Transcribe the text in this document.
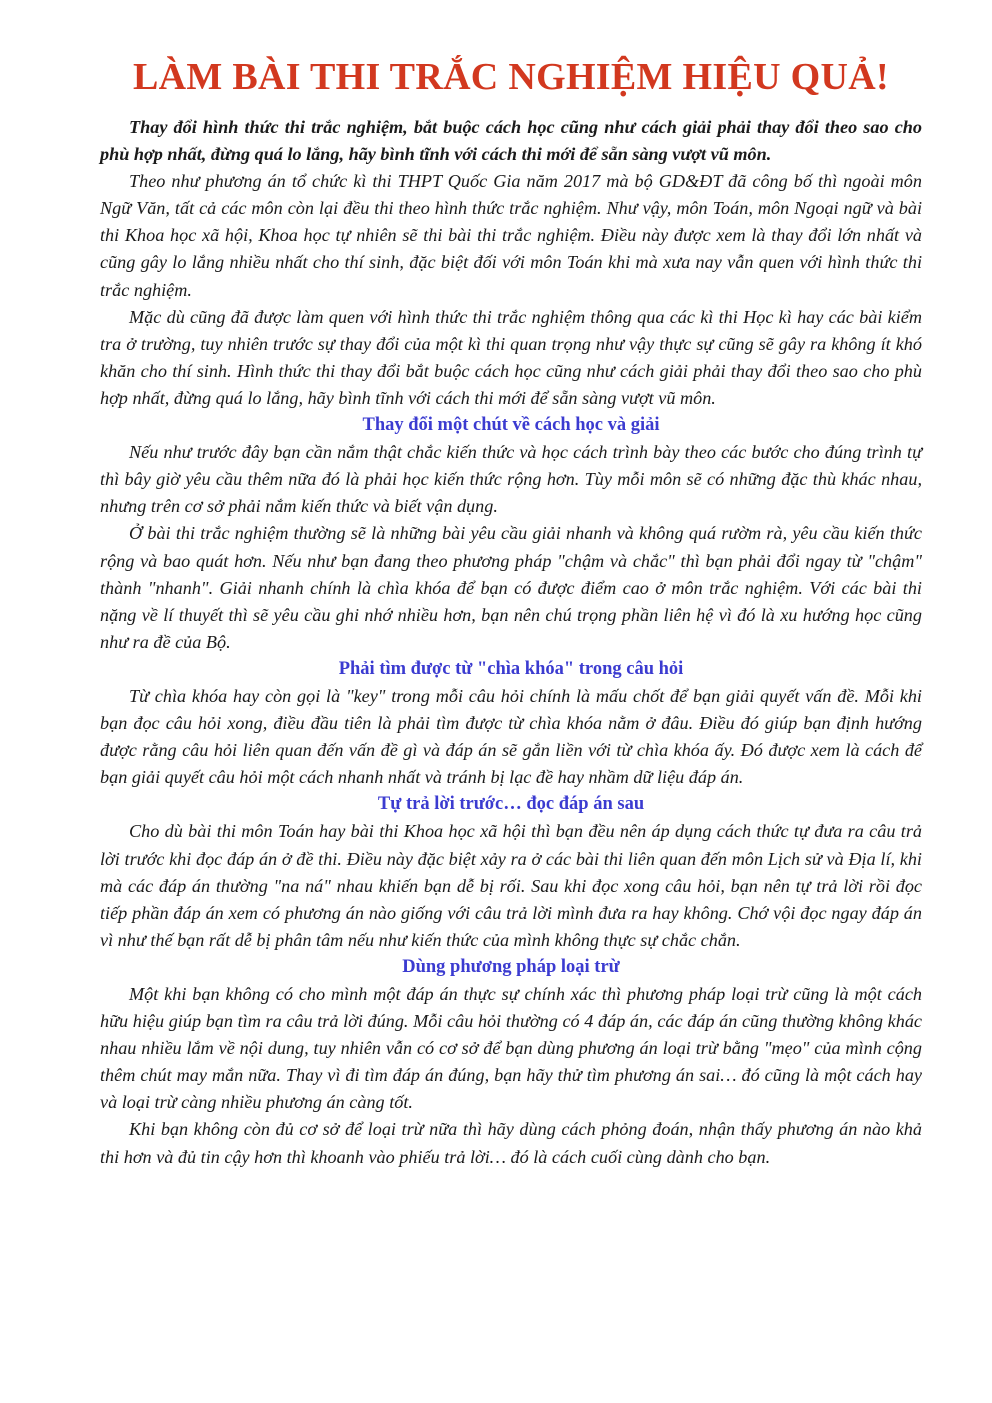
LÀM BÀI THI TRẮC NGHIỆM HIỆU QUẢ!

Thay đổi hình thức thi trắc nghiệm, bắt buộc cách học cũng như cách giải phải thay đổi theo sao cho phù hợp nhất, đừng quá lo lắng, hãy bình tĩnh với cách thi mới để sẵn sàng vượt vũ môn.

Theo như phương án tổ chức kì thi THPT Quốc Gia năm 2017 mà bộ GD&ĐT đã công bố thì ngoài môn Ngữ Văn, tất cả các môn còn lại đều thi theo hình thức trắc nghiệm. Như vậy, môn Toán, môn Ngoại ngữ và bài thi Khoa học xã hội, Khoa học tự nhiên sẽ thi bài thi trắc nghiệm. Điều này được xem là thay đổi lớn nhất và cũng gây lo lắng nhiều nhất cho thí sinh, đặc biệt đối với môn Toán khi mà xưa nay vẫn quen với hình thức thi trắc nghiệm.

Mặc dù cũng đã được làm quen với hình thức thi trắc nghiệm thông qua các kì thi Học kì hay các bài kiểm tra ở trường, tuy nhiên trước sự thay đổi của một kì thi quan trọng như vậy thực sự cũng sẽ gây ra không ít khó khăn cho thí sinh. Hình thức thi thay đổi bắt buộc cách học cũng như cách giải phải thay đổi theo sao cho phù hợp nhất, đừng quá lo lắng, hãy bình tĩnh với cách thi mới để sẵn sàng vượt vũ môn.

Thay đổi một chút về cách học và giải

Nếu như trước đây bạn cần nắm thật chắc kiến thức và học cách trình bày theo các bước cho đúng trình tự thì bây giờ yêu cầu thêm nữa đó là phải học kiến thức rộng hơn. Tùy mỗi môn sẽ có những đặc thù khác nhau, nhưng trên cơ sở phải nắm kiến thức và biết vận dụng.

Ở bài thi trắc nghiệm thường sẽ là những bài yêu cầu giải nhanh và không quá rườm rà, yêu cầu kiến thức rộng và bao quát hơn. Nếu như bạn đang theo phương pháp "chậm và chắc" thì bạn phải đổi ngay từ "chậm" thành "nhanh". Giải nhanh chính là chìa khóa để bạn có được điểm cao ở môn trắc nghiệm. Với các bài thi nặng về lí thuyết thì sẽ yêu cầu ghi nhớ nhiều hơn, bạn nên chú trọng phần liên hệ vì đó là xu hướng học cũng như ra đề của Bộ.

Phải tìm được từ "chìa khóa" trong câu hỏi

Từ chìa khóa hay còn gọi là "key" trong mỗi câu hỏi chính là mấu chốt để bạn giải quyết vấn đề. Mỗi khi bạn đọc câu hỏi xong, điều đầu tiên là phải tìm được từ chìa khóa nằm ở đâu. Điều đó giúp bạn định hướng được rằng câu hỏi liên quan đến vấn đề gì và đáp án sẽ gắn liền với từ chìa khóa ấy. Đó được xem là cách để bạn giải quyết câu hỏi một cách nhanh nhất và tránh bị lạc đề hay nhầm dữ liệu đáp án.

Tự trả lời trước… đọc đáp án sau

Cho dù bài thi môn Toán hay bài thi Khoa học xã hội thì bạn đều nên áp dụng cách thức tự đưa ra câu trả lời trước khi đọc đáp án ở đề thi. Điều này đặc biệt xảy ra ở các bài thi liên quan đến môn Lịch sử và Địa lí, khi mà các đáp án thường "na ná" nhau khiến bạn dễ bị rối. Sau khi đọc xong câu hỏi, bạn nên tự trả lời rồi đọc tiếp phần đáp án xem có phương án nào giống với câu trả lời mình đưa ra hay không. Chớ vội đọc ngay đáp án vì như thế bạn rất dễ bị phân tâm nếu như kiến thức của mình không thực sự chắc chắn.

Dùng phương pháp loại trừ

Một khi bạn không có cho mình một đáp án thực sự chính xác thì phương pháp loại trừ cũng là một cách hữu hiệu giúp bạn tìm ra câu trả lời đúng. Mỗi câu hỏi thường có 4 đáp án, các đáp án cũng thường không khác nhau nhiều lắm về nội dung, tuy nhiên vẫn có cơ sở để bạn dùng phương án loại trừ bằng "mẹo" của mình cộng thêm chút may mắn nữa. Thay vì đi tìm đáp án đúng, bạn hãy thử tìm phương án sai… đó cũng là một cách hay và loại trừ càng nhiều phương án càng tốt.

Khi bạn không còn đủ cơ sở để loại trừ nữa thì hãy dùng cách phỏng đoán, nhận thấy phương án nào khả thi hơn và đủ tin cậy hơn thì khoanh vào phiếu trả lời… đó là cách cuối cùng dành cho bạn.
